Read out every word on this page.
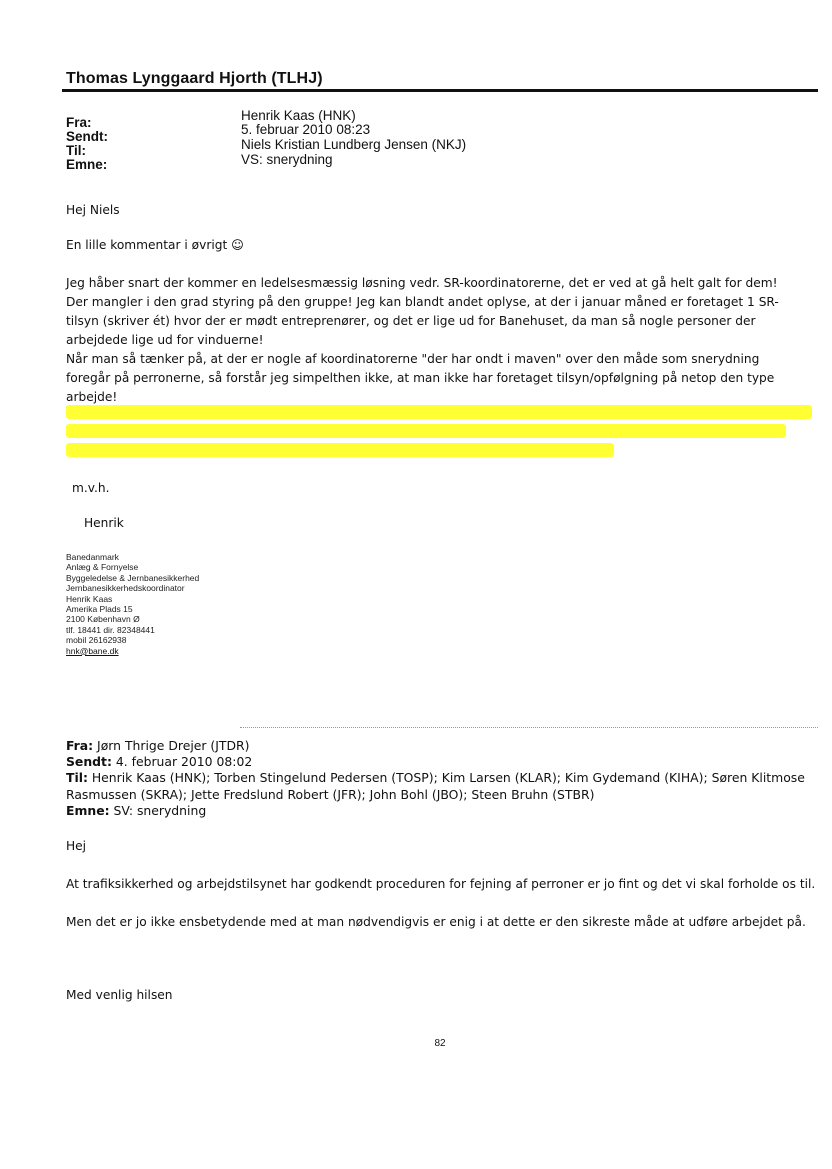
Thomas Lynggaard Hjorth (TLHJ)
Fra:
Sendt:
Til:
Emne:
Henrik Kaas (HNK)
5. februar 2010 08:23
Niels Kristian Lundberg Jensen (NKJ)
VS: snerydning
Hej Niels
En lille kommentar i øvrigt ☺
Jeg håber snart der kommer en ledelsesmæssig løsning vedr. SR-koordinatorerne, det er ved at gå helt galt for dem!
Der mangler i den grad styring på den gruppe! Jeg kan blandt andet oplyse, at der i januar måned er foretaget 1 SR-
tilsyn (skriver ét) hvor der er mødt entreprenører, og det er lige ud for Banehuset, da man så nogle personer der
arbejdede lige ud for vinduerne!
Når man så tænker på, at der er nogle af koordinatorerne "der har ondt i maven" over den måde som snerydning
foregår på perronerne, så forstår jeg simpelthen ikke, at man ikke har foretaget tilsyn/opfølgning på netop den type
arbejde!
m.v.h.
Henrik
Banedanmark
Anlæg & Fornyelse
Byggeledelse & Jernbanesikkerhed
Jernbanesikkerhedskoordinator
Henrik Kaas
Amerika Plads 15
2100 København Ø
tlf. 18441 dir. 82348441
mobil 26162938
hnk@bane.dk
Fra: Jørn Thrige Drejer (JTDR)
Sendt: 4. februar 2010 08:02
Til: Henrik Kaas (HNK); Torben Stingelund Pedersen (TOSP); Kim Larsen (KLAR); Kim Gydemand (KIHA); Søren Klitmose Rasmussen (SKRA); Jette Fredslund Robert (JFR); John Bohl (JBO); Steen Bruhn (STBR)
Emne: SV: snerydning
Hej
At trafiksikkerhed og arbejdstilsynet har godkendt proceduren for fejning af perroner er jo fint og det vi skal forholde os til.
Men det er jo ikke ensbetydende med at man nødvendigvis er enig i at dette er den sikreste måde at udføre arbejdet på.
Med venlig hilsen
82
